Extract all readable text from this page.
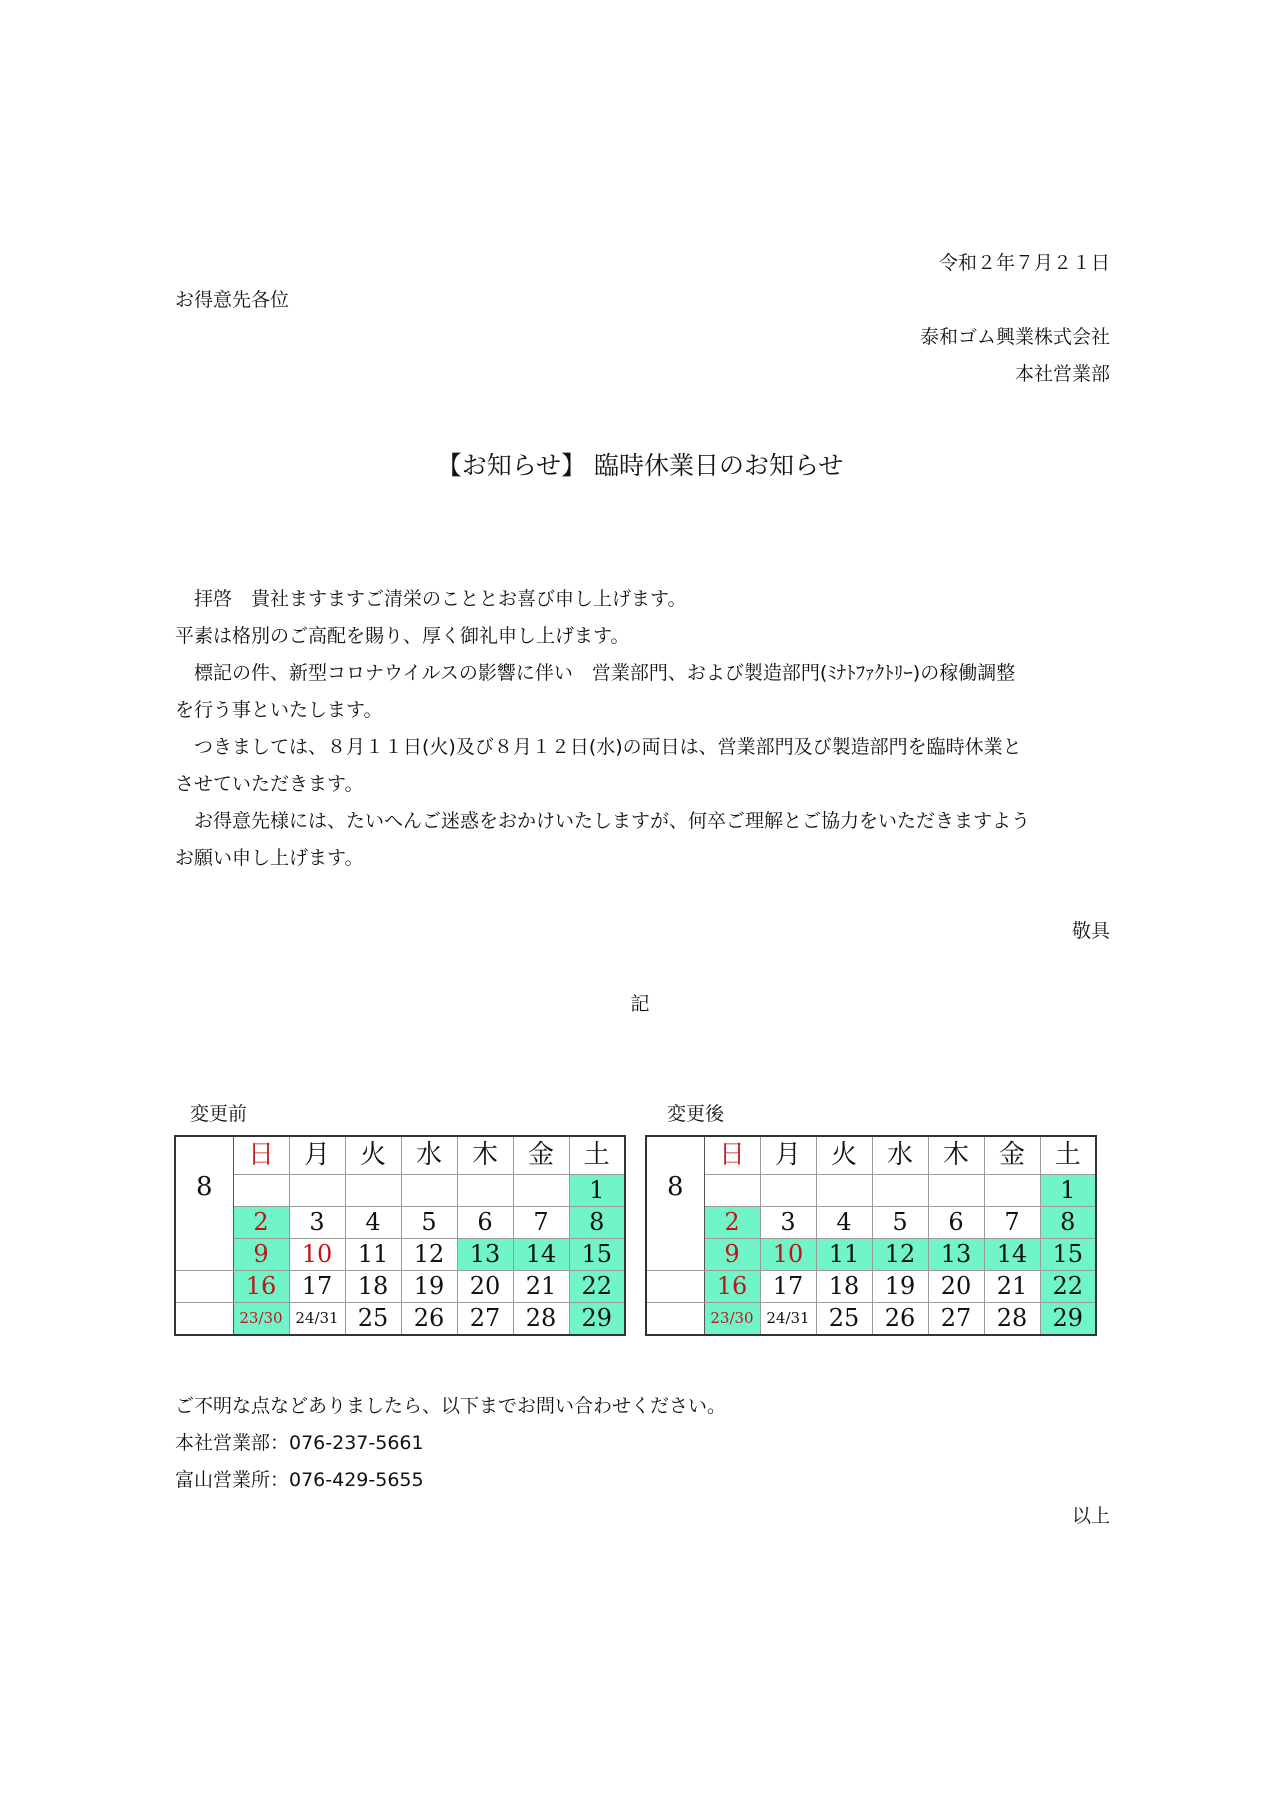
令和２年７月２１日
お得意先各位
泰和ゴム興業株式会社
本社営業部
【お知らせ】 臨時休業日のお知らせ
　拝啓　貴社ますますご清栄のこととお喜び申し上げます。
平素は格別のご高配を賜り、厚く御礼申し上げます。
　標記の件、新型コロナウイルスの影響に伴い　営業部門、および製造部門(ﾐﾅﾄﾌｧｸﾄﾘｰ)の稼働調整
を行う事といたします。
　つきましては、８月１１日(火)及び８月１２日(水)の両日は、営業部門及び製造部門を臨時休業と
させていただきます。
　お得意先様には、たいへんご迷惑をおかけいたしますが、何卒ご理解とご協力をいただきますよう
お願い申し上げます。
敬具
記
変更前	変更後
8	日	月	火	水	木	金	土
							1
	2	3	4	5	6	7	8
	9	10	11	12	13	14	15
	16	17	18	19	20	21	22
	23/30	24/31	25	26	27	28	29
8	日	月	火	水	木	金	土
							1
	2	3	4	5	6	7	8
	9	10	11	12	13	14	15
	16	17	18	19	20	21	22
	23/30	24/31	25	26	27	28	29
ご不明な点などありましたら、以下までお問い合わせください。
本社営業部：076-237-5661
富山営業所：076-429-5655
以上
